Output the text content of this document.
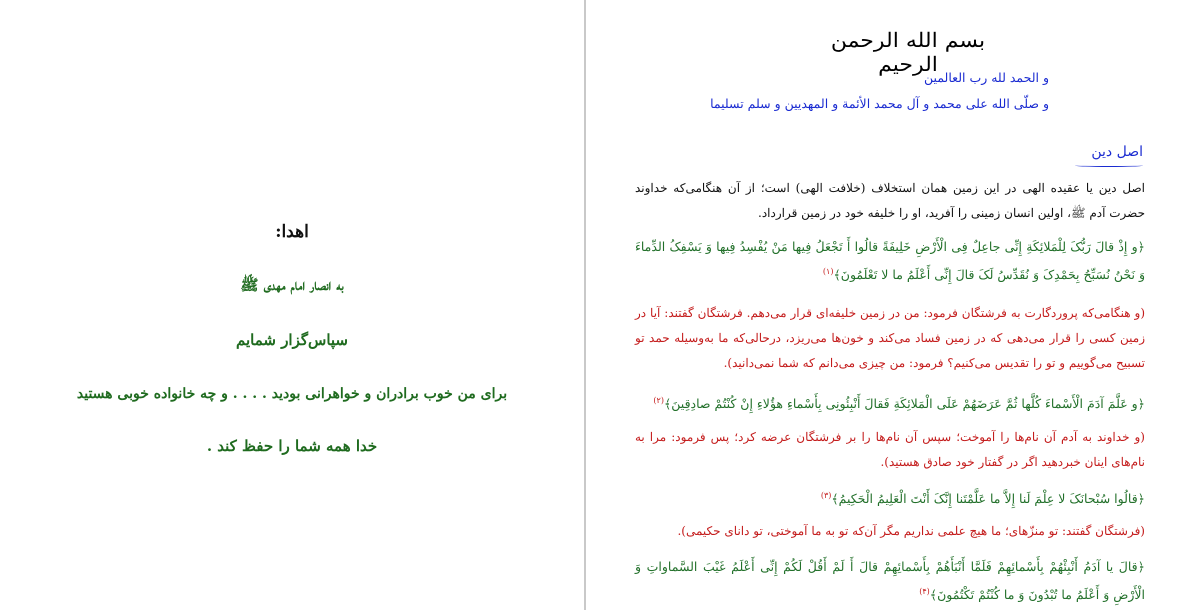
اهدا:
به انصار امام مهدی ﷺ
سپاس‌گزار شمایم
برای من خوب برادران و خواهرانی بودید . . . . و چه خانواده خوبی هستید
خدا همه شما را حفظ کند .
بسم الله الرحمن الرحيم
و الحمد لله رب العالمين
و صلّى الله على محمد و آل محمد الأئمة و المهديين و سلم تسليما
اصل دین
اصل دین یا عقیده الهی در این زمین همان استخلاف (خلافت الهی) است؛ از آن هنگامی‌که خداوند حضرت آدم ﷺ، اولین انسان زمینی را آفرید، او را خلیفه خود در زمین قرارداد.
﴿و إِذْ قالَ رَبُّکَ لِلْمَلائِکَةِ إِنِّی جاعِلٌ فِی الْأَرْضِ خَلِیفَةً قالُوا أَ تَجْعَلُ فِیها مَنْ یُفْسِدُ فِیها وَ یَسْفِکُ الدِّماءَ وَ نَحْنُ نُسَبِّحُ بِحَمْدِکَ وَ نُقَدِّسُ لَکَ قالَ إِنِّی أَعْلَمُ ما لا تَعْلَمُونَ﴾$^{(۱)}$
(و هنگامی‌که پروردگارت به فرشتگان فرمود: من در زمین خلیفه‌ای قرار می‌دهم. فرشتگان گفتند: آیا در زمین کسی را قرار می‌دهی که در زمین فساد می‌کند و خون‌ها می‌ریزد، درحالی‌که ما به‌وسیله حمد تو تسبیح می‌گوییم و تو را تقدیس می‌کنیم؟ فرمود: من چیزی می‌دانم که شما نمی‌دانید).
﴿و عَلَّمَ آدَمَ الْأَسْماءَ کُلَّها ثُمَّ عَرَضَهُمْ عَلَى الْمَلائِکَةِ فَقالَ أَنْبِئُونِی بِأَسْماءِ هؤُلاءِ إِنْ کُنْتُمْ صادِقِینَ﴾$^{(۲)}$
(و خداوند به آدم آن نام‌ها را آموخت؛ سپس آن نام‌ها را بر فرشتگان عرضه کرد؛ پس فرمود: مرا به نام‌های اینان خبردهید اگر در گفتار خود صادق هستید).
﴿قالُوا سُبْحانَکَ لا عِلْمَ لَنا إِلاَّ ما عَلَّمْتَنا إِنَّکَ أَنْتَ الْعَلِیمُ الْحَکِیمُ﴾$^{(۳)}$
(فرشتگان گفتند: تو منزّهای؛ ما هیچ علمی نداریم مگر آن‌که تو به ما آموختی، تو دانای حکیمی).
﴿قالَ یا آدَمُ أَنْبِئْهُمْ بِأَسْمائِهِمْ فَلَمَّا أَنْبَأَهُمْ بِأَسْمائِهِمْ قالَ أَ لَمْ أَقُلْ لَکُمْ إِنِّی أَعْلَمُ غَیْبَ السَّماواتِ وَ الْأَرْضِ وَ أَعْلَمُ ما تُبْدُونَ وَ ما کُنْتُمْ تَکْتُمُونَ﴾$^{(۴)}$
